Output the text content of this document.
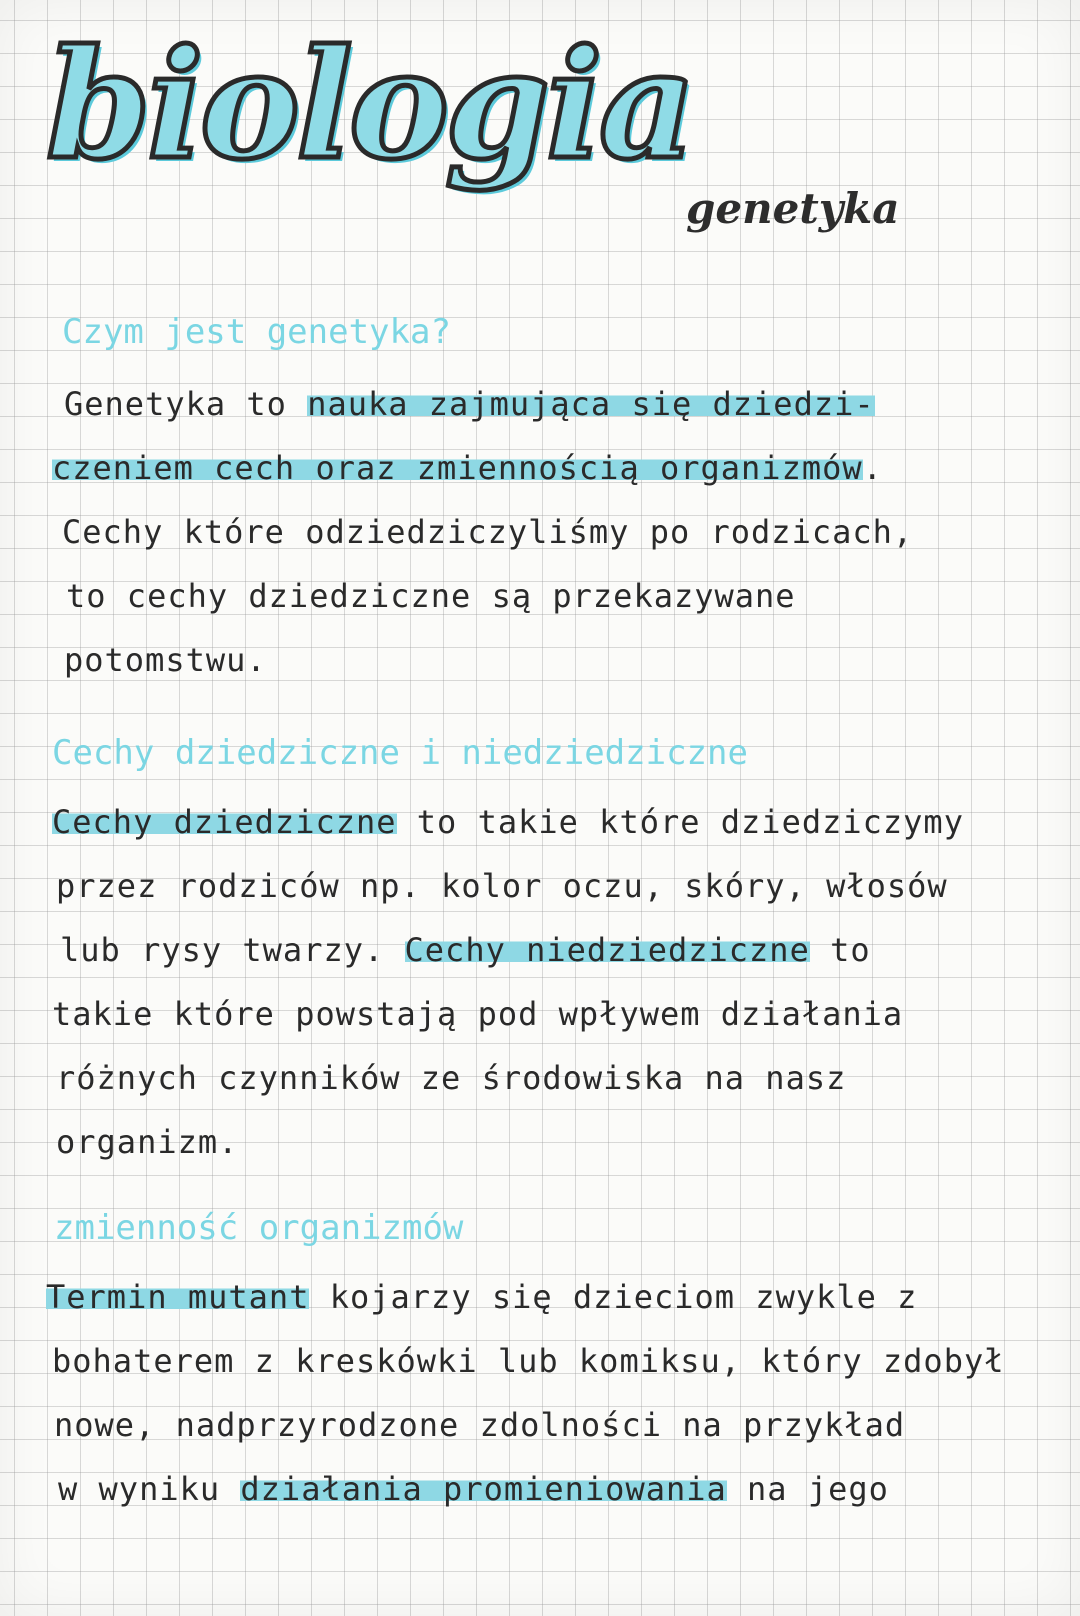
biologia
genetyka
Czym jest genetyka?
Genetyka to nauka zajmująca się dziedzi-
czeniem cech oraz zmiennością organizmów.
Cechy które odziedziczyliśmy po rodzicach,
to cechy dziedziczne są przekazywane
potomstwu.
Cechy dziedziczne i niedziedziczne
Cechy dziedziczne to takie które dziedziczymy
przez rodziców np. kolor oczu, skóry, włosów
lub rysy twarzy. Cechy niedziedziczne to
takie które powstają pod wpływem działania
różnych czynników ze środowiska na nasz
organizm.
zmienność organizmów
Termin mutant kojarzy się dzieciom zwykle z
bohaterem z kreskówki lub komiksu, który zdobył
nowe, nadprzyrodzone zdolności na przykład
w wyniku działania promieniowania na jego
